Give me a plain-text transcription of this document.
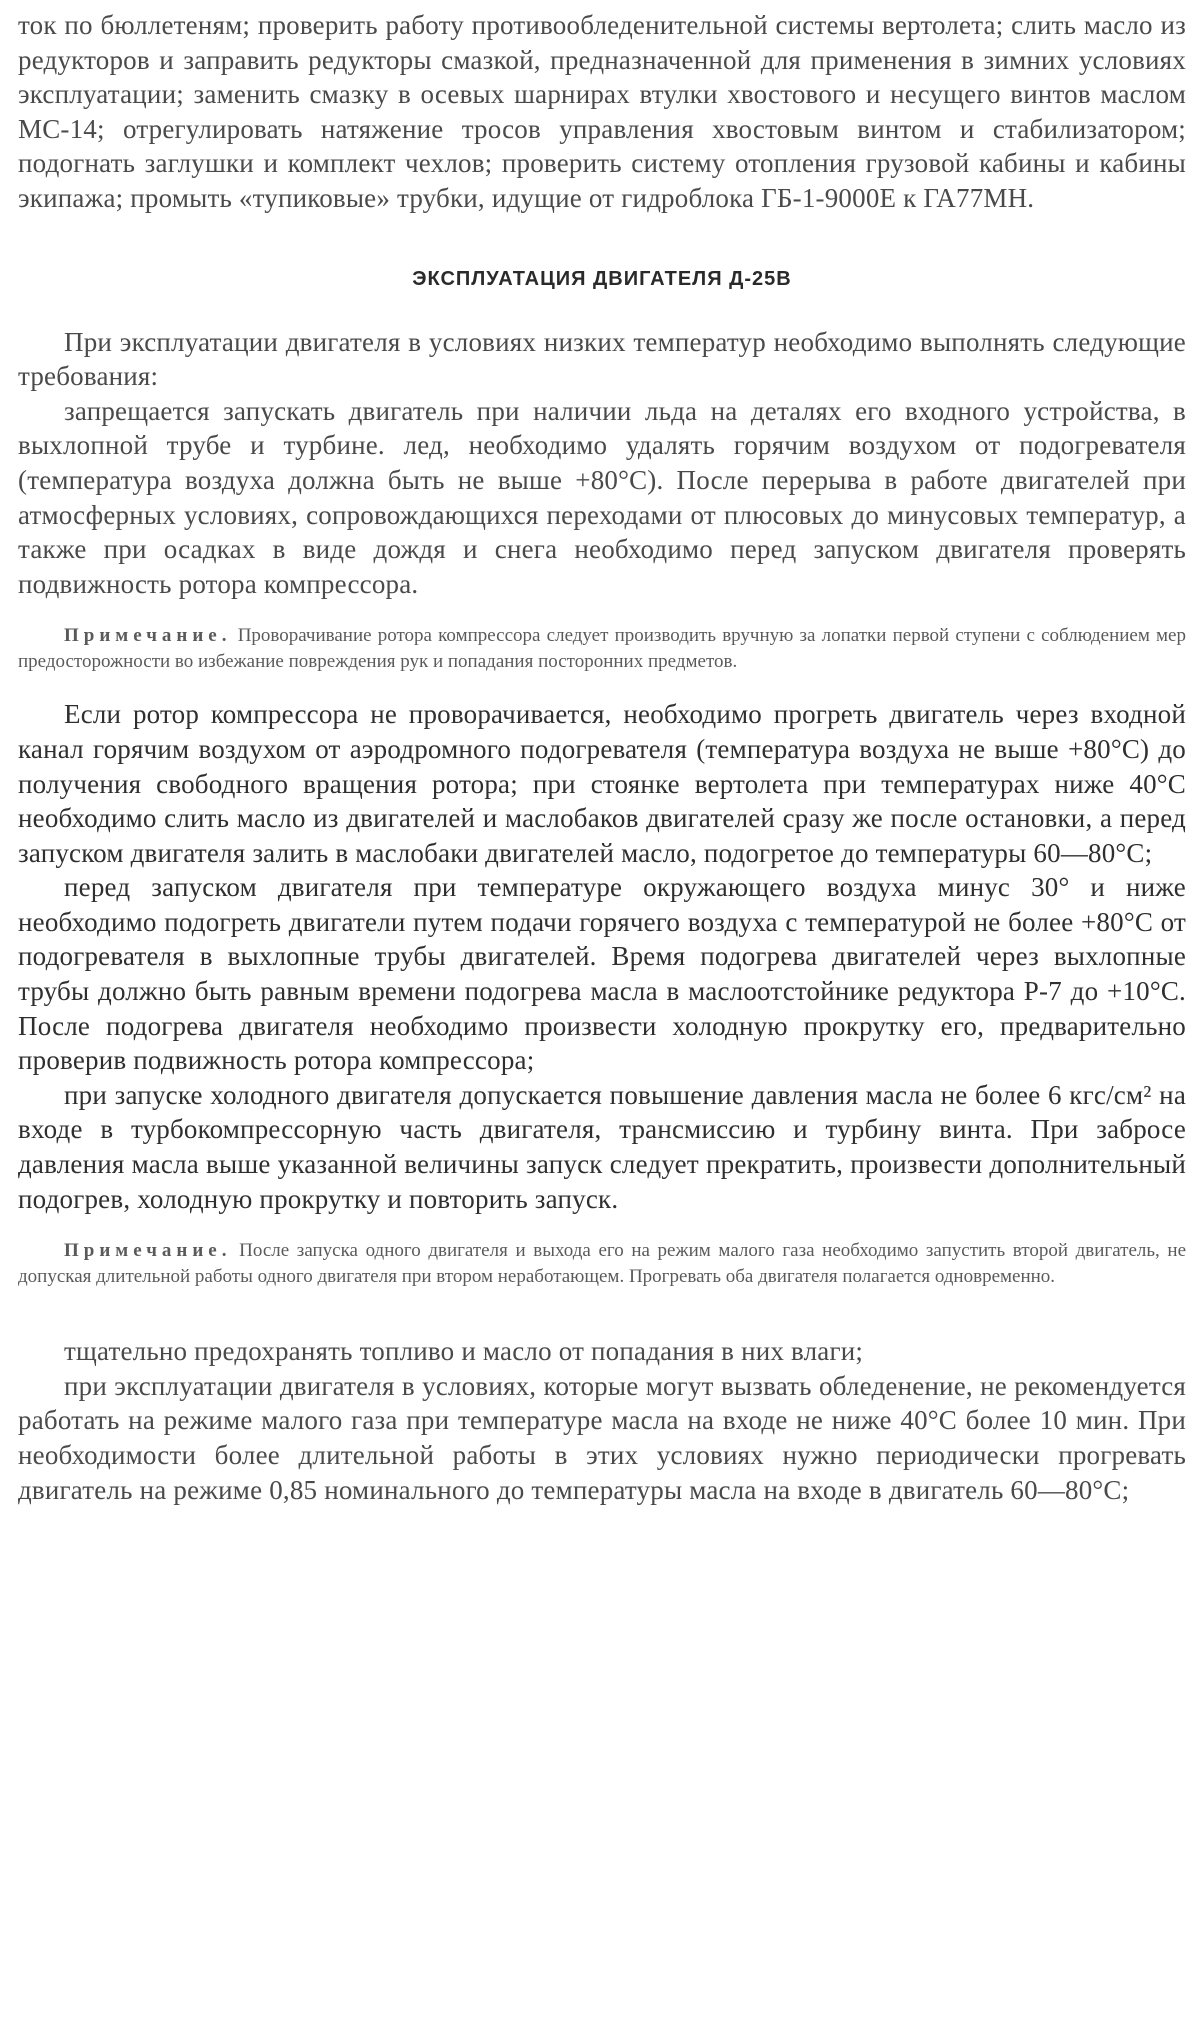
ток по бюллетеням; проверить работу противообледенительной системы вертолета; слить масло из редукторов и заправить редукторы смазкой, предназначенной для применения в зимних условиях эксплуатации; заменить смазку в осевых шарнирах втулки хвостового и несущего винтов маслом МС-14; отрегулировать натяжение тросов управления хвостовым винтом и стабилизатором; подогнать заглушки и комплект чехлов; проверить систему отопления грузовой кабины и кабины экипажа; промыть «тупиковые» трубки, идущие от гидроблока ГБ-1-9000Е к ГА77МН.

ЭКСПЛУАТАЦИЯ ДВИГАТЕЛЯ Д-25В

При эксплуатации двигателя в условиях низких температур необходимо выполнять следующие требования:

запрещается запускать двигатель при наличии льда на деталях его входного устройства, в выхлопной трубе и турбине. лед, необходимо удалять горячим воздухом от подогревателя (температура воздуха должна быть не выше +80°С). После перерыва в работе двигателей при атмосферных условиях, сопровождающихся переходами от плюсовых до минусовых температур, а также при осадках в виде дождя и снега необходимо перед запуском двигателя проверять подвижность ротора компрессора.

Примечание. Проворачивание ротора компрессора следует производить вручную за лопатки первой ступени с соблюдением мер предосторожности во избежание повреждения рук и попадания посторонних предметов.

Если ротор компрессора не проворачивается, необходимо прогреть двигатель через входной канал горячим воздухом от аэродромного подогревателя (температура воздуха не выше +80°С) до получения свободного вращения ротора; при стоянке вертолета при температурах ниже 40°С необходимо слить масло из двигателей и маслобаков двигателей сразу же после остановки, а перед запуском двигателя залить в маслобаки двигателей масло, подогретое до температуры 60—80°С;

перед запуском двигателя при температуре окружающего воздуха минус 30° и ниже необходимо подогреть двигатели путем подачи горячего воздуха с температурой не более +80°С от подогревателя в выхлопные трубы двигателей. Время подогрева двигателей через выхлопные трубы должно быть равным времени подогрева масла в маслоотстойнике редуктора Р-7 до +10°С. После подогрева двигателя необходимо произвести холодную прокрутку его, предварительно проверив подвижность ротора компрессора;

при запуске холодного двигателя допускается повышение давления масла не более 6 кгс/см² на входе в турбокомпрессорную часть двигателя, трансмиссию и турбину винта. При забросе давления масла выше указанной величины запуск следует прекратить, произвести дополнительный подогрев, холодную прокрутку и повторить запуск.

Примечание. После запуска одного двигателя и выхода его на режим малого газа необходимо запустить второй двигатель, не допуская длительной работы одного двигателя при втором неработающем. Прогревать оба двигателя полагается одновременно.

тщательно предохранять топливо и масло от попадания в них влаги;

при эксплуатации двигателя в условиях, которые могут вызвать обледенение, не рекомендуется работать на режиме малого газа при температуре масла на входе не ниже 40°С более 10 мин. При необходимости более длительной работы в этих условиях нужно периодически прогревать двигатель на режиме 0,85 номинального до температуры масла на входе в двигатель 60—80°С;
